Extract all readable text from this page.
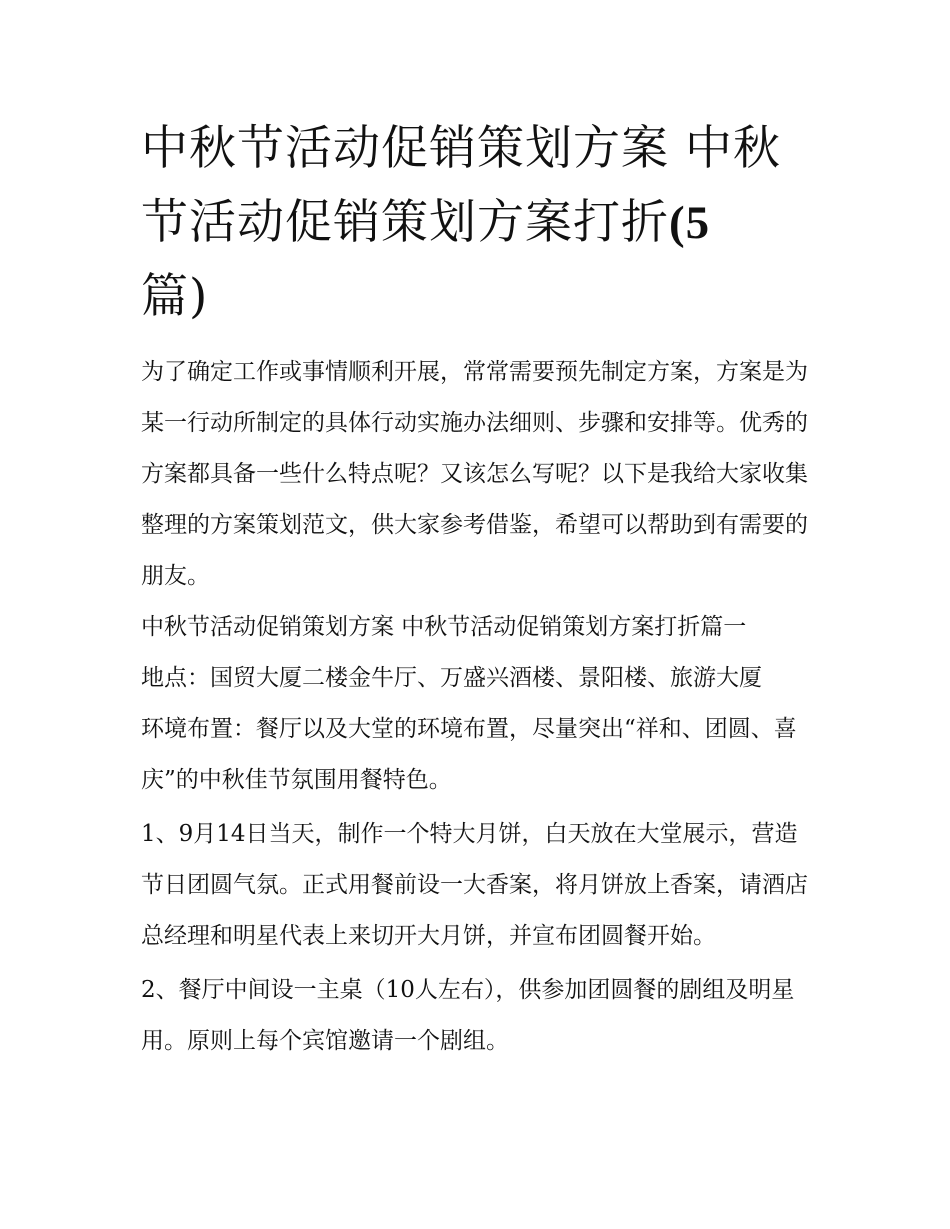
中秋节活动促销策划方案 中秋节活动促销策划方案打折(5
篇)

为了确定工作或事情顺利开展，常常需要预先制定方案，方案是为某一行动所制定的具体行动实施办法细则、步骤和安排等。优秀的方案都具备一些什么特点呢？又该怎么写呢？以下是我给大家收集整理的方案策划范文，供大家参考借鉴，希望可以帮助到有需要的朋友。

中秋节活动促销策划方案 中秋节活动促销策划方案打折篇一

地点：国贸大厦二楼金牛厅、万盛兴酒楼、景阳楼、旅游大厦

环境布置：餐厅以及大堂的环境布置，尽量突出“祥和、团圆、喜庆”的中秋佳节氛围用餐特色。

1、9月14日当天，制作一个特大月饼，白天放在大堂展示，营造节日团圆气氛。正式用餐前设一大香案，将月饼放上香案，请酒店总经理和明星代表上来切开大月饼，并宣布团圆餐开始。

2、餐厅中间设一主桌（10人左右），供参加团圆餐的剧组及明星用。原则上每个宾馆邀请一个剧组。
